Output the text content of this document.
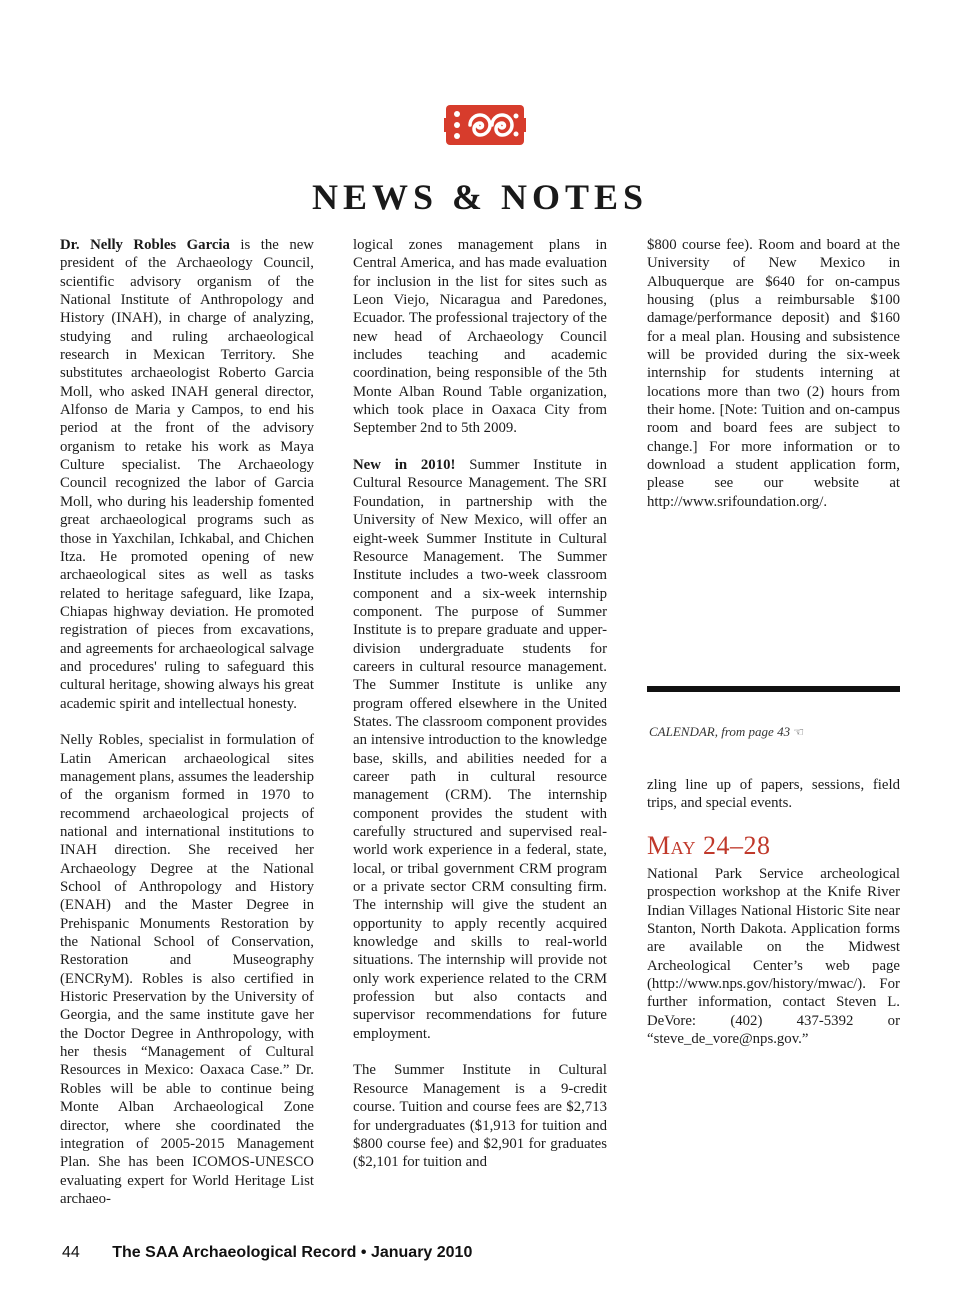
NEWS & NOTES

Dr. Nelly Robles Garcia is the new president of the Archaeology Council, scientific advisory organism of the National Institute of Anthropology and History (INAH), in charge of analyzing, studying and ruling archaeological research in Mexican Territory. She substitutes archaeologist Roberto Garcia Moll, who asked INAH general director, Alfonso de Maria y Campos, to end his period at the front of the advisory organism to retake his work as Maya Culture specialist. The Archaeology Council recognized the labor of Garcia Moll, who during his leadership fomented great archaeological programs such as those in Yaxchilan, Ichkabal, and Chichen Itza. He promoted opening of new archaeological sites as well as tasks related to heritage safeguard, like Izapa, Chiapas highway deviation. He promoted registration of pieces from excavations, and agreements for archaeological salvage and procedures' ruling to safeguard this cultural heritage, showing always his great academic spirit and intellectual honesty.

Nelly Robles, specialist in formulation of Latin American archaeological sites management plans, assumes the leadership of the organism formed in 1970 to recommend archaeological projects of national and international institutions to INAH direction. She received her Archaeology Degree at the National School of Anthropology and History (ENAH) and the Master Degree in Prehispanic Monuments Restoration by the National School of Conservation, Restoration and Museography (ENCRyM). Robles is also certified in Historic Preservation by the University of Georgia, and the same institute gave her the Doctor Degree in Anthropology, with her thesis “Management of Cultural Resources in Mexico: Oaxaca Case.” Dr. Robles will be able to continue being Monte Alban Archaeological Zone director, where she coordinated the integration of 2005-2015 Management Plan. She has been ICOMOS-UNESCO evaluating expert for World Heritage List archaeo-

logical zones management plans in Central America, and has made evaluation for inclusion in the list for sites such as Leon Viejo, Nicaragua and Paredones, Ecuador. The professional trajectory of the new head of Archaeology Council includes teaching and academic coordination, being responsible of the 5th Monte Alban Round Table organization, which took place in Oaxaca City from September 2nd to 5th 2009.

New in 2010! Summer Institute in Cultural Resource Management. The SRI Foundation, in partnership with the University of New Mexico, will offer an eight-week Summer Institute in Cultural Resource Management. The Summer Institute includes a two-week classroom component and a six-week internship component. The purpose of Summer Institute is to prepare graduate and upper-division undergraduate students for careers in cultural resource management. The Summer Institute is unlike any program offered elsewhere in the United States. The classroom component provides an intensive introduction to the knowledge base, skills, and abilities needed for a career path in cultural resource management (CRM). The internship component provides the student with carefully structured and supervised real-world work experience in a federal, state, local, or tribal government CRM program or a private sector CRM consulting firm. The internship will give the student an opportunity to apply recently acquired knowledge and skills to real-world situations. The internship will provide not only work experience related to the CRM profession but also contacts and supervisor recommendations for future employment.

The Summer Institute in Cultural Resource Management is a 9-credit course. Tuition and course fees are $2,713 for undergraduates ($1,913 for tuition and $800 course fee) and $2,901 for graduates ($2,101 for tuition and

$800 course fee). Room and board at the University of New Mexico in Albuquerque are $640 for on-campus housing (plus a reimbursable $100 damage/performance deposit) and $160 for a meal plan. Housing and subsistence will be provided during the six-week internship for students interning at locations more than two (2) hours from their home. [Note: Tuition and on-campus room and board fees are subject to change.] For more information or to download a student application form, please see our website at http://www.srifoundation.org/.

CALENDAR, from page 43 ☜

zling line up of papers, sessions, field trips, and special events.

May 24–28

National Park Service archeological prospection workshop at the Knife River Indian Villages National Historic Site near Stanton, North Dakota. Application forms are available on the Midwest Archeological Center’s web page (http://www.nps.gov/history/mwac/). For further information, contact Steven L. DeVore: (402) 437-5392 or “steve_de_vore@nps.gov.”

44 The SAA Archaeological Record • January 2010
